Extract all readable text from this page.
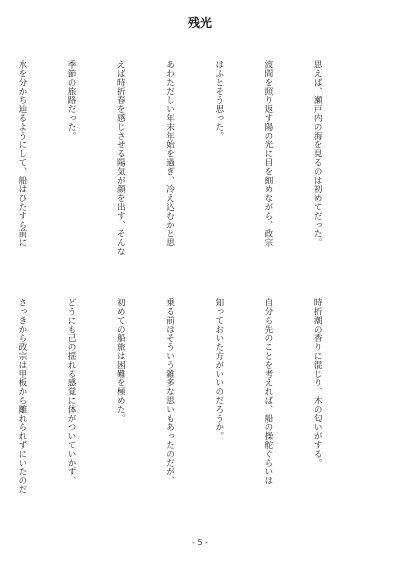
残光

思えば、瀬戸内の海を見るのは初めてだった。

波間を照り返す陽の光に目を細めながら、政宗

はふとそう思った。

あわただしい年末年始を過ぎ、冷え込むかと思

えば時折春を感じさせる陽気が顔を出す、そんな

季節の旅路だった。

水を分かち辿るようにして、船はひたすら前に

時折潮の香りに混じり、木の匂いがする。

自分ら先のことを考えれば、船の操舵ぐらいは

知っておいた方がいいのだろうか。

乗る前はそういう雑多な思いもあったのだが、

初めての船旅は困難を極めた。

どうにも己の揺れる感覚に体がついていかず、

さっきから政宗は甲板から離れられずにいたのだ

- 5 -
